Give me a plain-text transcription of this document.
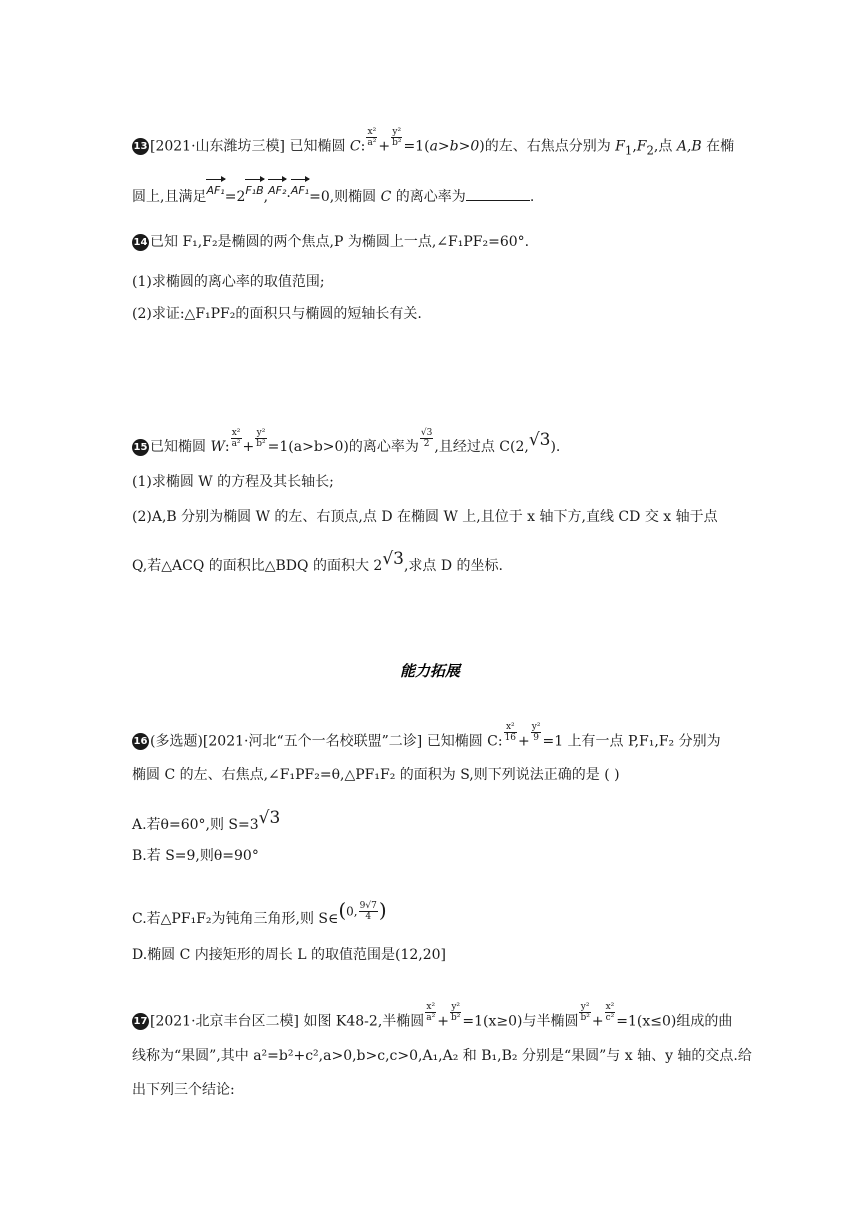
13 [2021·山东潍坊三模] 已知椭圆 C: $\frac{\text{x²}}{\text{a²}} + \frac{\text{y²}}{\text{b²}} =1(a>b>0)$的左、右焦点分别为 $F_1,F_2$,点 A,B 在椭
圆上,且满足AF₁=2F₁B,AF₂·AF₁=0,则椭圆 C 的离心率为	.
14 已知 F₁,F₂是椭圆的两个焦点,P 为椭圆上一点,∠F₁PF₂=60°.
(1)求椭圆的离心率的取值范围;
(2)求证:△F₁PF₂的面积只与椭圆的短轴长有关.
15 已知椭圆 W: $\frac{\text{x²}}{\text{a²}} + \frac{\text{y²}}{\text{b²}} =1(a>b>0)$的离心率为 $\frac{√3}{2}$ ,且经过点 C(2,√3).
(1)求椭圆 W 的方程及其长轴长;
(2)A,B 分别为椭圆 W 的左、右顶点,点 D 在椭圆 W 上,且位于 x 轴下方,直线 CD 交 x 轴于点
Q,若△ACQ 的面积比△BDQ 的面积大 2√3,求点 D 的坐标.
能力拓展
16 (多选题)[2021·河北“五个一名校联盟”二诊] 已知椭圆 C: $\frac{\text{x²}}{16} + \frac{\text{y²}}{9} =1$ 上有一点 P,F₁,F₂ 分别为
椭圆 C 的左、右焦点,∠F₁PF₂=θ,△PF₁F₂ 的面积为 S,则下列说法正确的是 ( )
A.若θ=60°,则 S=3√3
B.若 S=9,则θ=90°
C.若△PF₁F₂为钝角三角形,则 S∈(0, $\frac{9√7}{4}$ )
D.椭圆 C 内接矩形的周长 L 的取值范围是(12,20]
17 [2021·北京丰台区二模] 如图 K48-2,半椭圆 $\frac{\text{x²}}{\text{a²}} + \frac{\text{y²}}{\text{b²}} =1(x\ge 0)$与半椭圆 $\frac{\text{y²}}{\text{b²}} + \frac{\text{x²}}{\text{c²}} =1(x\le 0)$组成的曲
线称为“果圆”,其中 a²=b²+c²,a>0,b>c,c>0,A₁,A₂ 和 B₁,B₂ 分别是“果圆”与 x 轴、y 轴的交点.给
出下列三个结论:
